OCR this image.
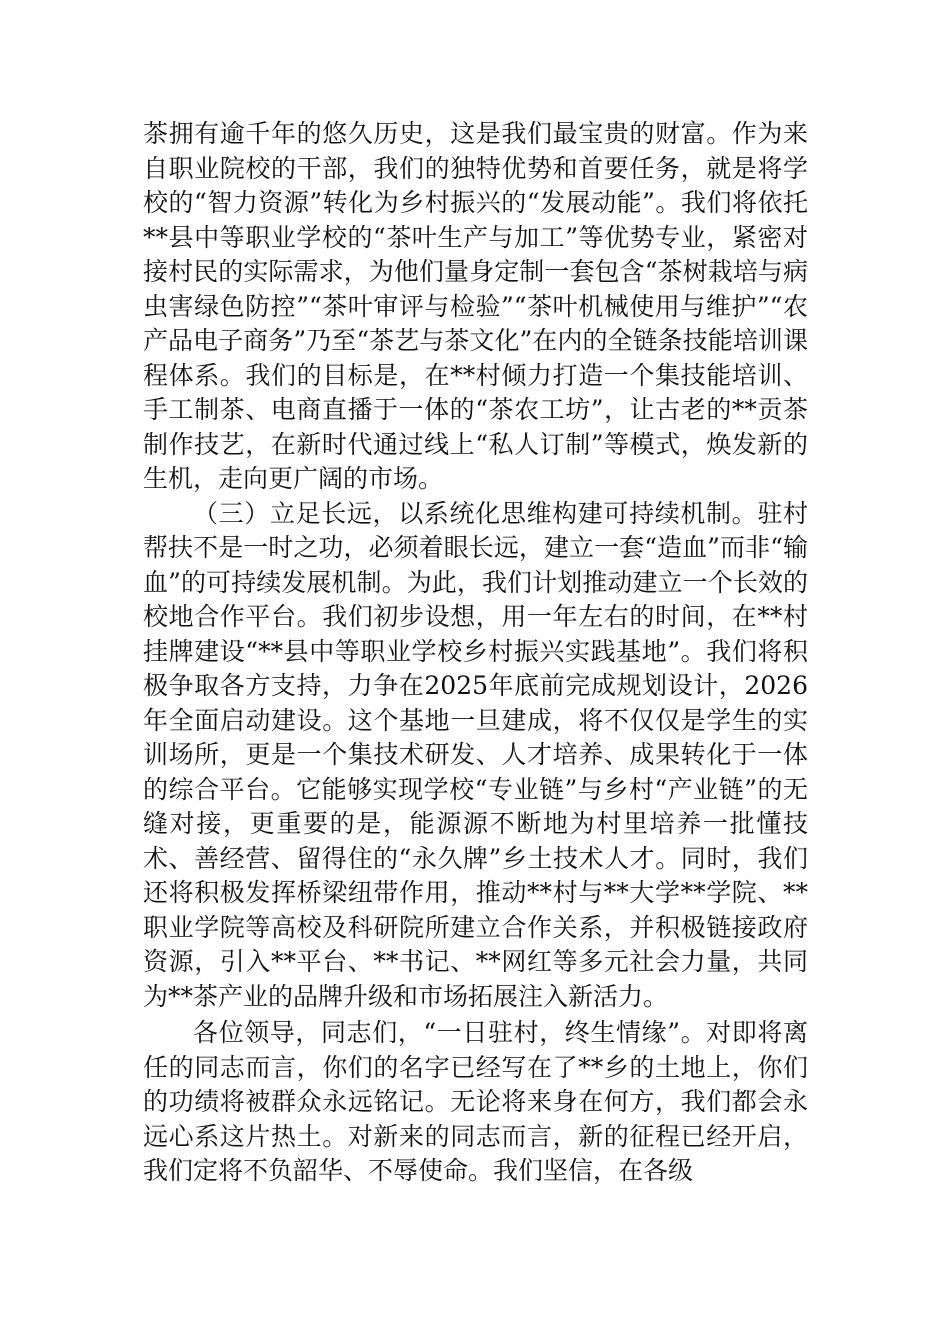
茶拥有逾千年的悠久历史，这是我们最宝贵的财富。作为来自职业院校的干部，我们的独特优势和首要任务，就是将学校的“智力资源”转化为乡村振兴的“发展动能”。我们将依托**县中等职业学校的“茶叶生产与加工”等优势专业，紧密对接村民的实际需求，为他们量身定制一套包含“茶树栽培与病虫害绿色防控”“茶叶审评与检验”“茶叶机械使用与维护”“农产品电子商务”乃至“茶艺与茶文化”在内的全链条技能培训课程体系。我们的目标是，在**村倾力打造一个集技能培训、手工制茶、电商直播于一体的“茶农工坊”，让古老的**贡茶制作技艺，在新时代通过线上“私人订制”等模式，焕发新的生机，走向更广阔的市场。

（三）立足长远，以系统化思维构建可持续机制。驻村帮扶不是一时之功，必须着眼长远，建立一套“造血”而非“输血”的可持续发展机制。为此，我们计划推动建立一个长效的校地合作平台。我们初步设想，用一年左右的时间，在**村挂牌建设“**县中等职业学校乡村振兴实践基地”。我们将积极争取各方支持，力争在2025年底前完成规划设计，2026年全面启动建设。这个基地一旦建成，将不仅仅是学生的实训场所，更是一个集技术研发、人才培养、成果转化于一体的综合平台。它能够实现学校“专业链”与乡村“产业链”的无缝对接，更重要的是，能源源不断地为村里培养一批懂技术、善经营、留得住的“永久牌”乡土技术人才。同时，我们还将积极发挥桥梁纽带作用，推动**村与**大学**学院、**职业学院等高校及科研院所建立合作关系，并积极链接政府资源，引入**平台、**书记、**网红等多元社会力量，共同为**茶产业的品牌升级和市场拓展注入新活力。

各位领导，同志们，“一日驻村，终生情缘”。对即将离任的同志而言，你们的名字已经写在了**乡的土地上，你们的功绩将被群众永远铭记。无论将来身在何方，我们都会永远心系这片热土。对新来的同志而言，新的征程已经开启，我们定将不负韶华、不辱使命。我们坚信，在各级
